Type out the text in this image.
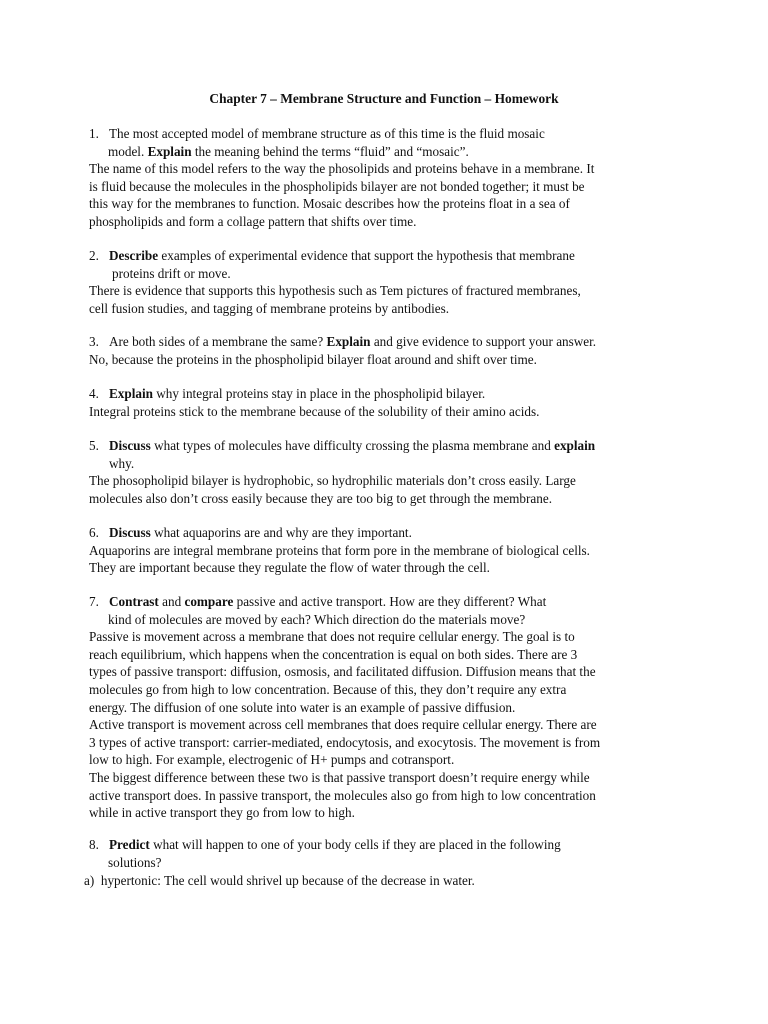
Chapter 7 – Membrane Structure and Function – Homework
1. The most accepted model of membrane structure as of this time is the fluid mosaic
model. Explain the meaning behind the terms “fluid” and “mosaic”.
The name of this model refers to the way the phosolipids and proteins behave in a membrane. It
is fluid because the molecules in the phospholipids bilayer are not bonded together; it must be
this way for the membranes to function. Mosaic describes how the proteins float in a sea of
phospholipids and form a collage pattern that shifts over time.
2. Describe examples of experimental evidence that support the hypothesis that membrane
proteins drift or move.
There is evidence that supports this hypothesis such as Tem pictures of fractured membranes,
cell fusion studies, and tagging of membrane proteins by antibodies.
3. Are both sides of a membrane the same? Explain and give evidence to support your answer.
No, because the proteins in the phospholipid bilayer float around and shift over time.
4. Explain why integral proteins stay in place in the phospholipid bilayer.
Integral proteins stick to the membrane because of the solubility of their amino acids.
5. Discuss what types of molecules have difficulty crossing the plasma membrane and explain
why.
The phosopholipid bilayer is hydrophobic, so hydrophilic materials don’t cross easily. Large
molecules also don’t cross easily because they are too big to get through the membrane.
6. Discuss what aquaporins are and why are they important.
Aquaporins are integral membrane proteins that form pore in the membrane of biological cells.
They are important because they regulate the flow of water through the cell.
7. Contrast and compare passive and active transport. How are they different? What
kind of molecules are moved by each? Which direction do the materials move?
Passive is movement across a membrane that does not require cellular energy. The goal is to
reach equilibrium, which happens when the concentration is equal on both sides. There are 3
types of passive transport: diffusion, osmosis, and facilitated diffusion. Diffusion means that the
molecules go from high to low concentration. Because of this, they don’t require any extra
energy. The diffusion of one solute into water is an example of passive diffusion.
Active transport is movement across cell membranes that does require cellular energy. There are
3 types of active transport: carrier-mediated, endocytosis, and exocytosis. The movement is from
low to high. For example, electrogenic of H+ pumps and cotransport.
The biggest difference between these two is that passive transport doesn’t require energy while
active transport does. In passive transport, the molecules also go from high to low concentration
while in active transport they go from low to high.
8. Predict what will happen to one of your body cells if they are placed in the following
solutions?
a) hypertonic: The cell would shrivel up because of the decrease in water.
